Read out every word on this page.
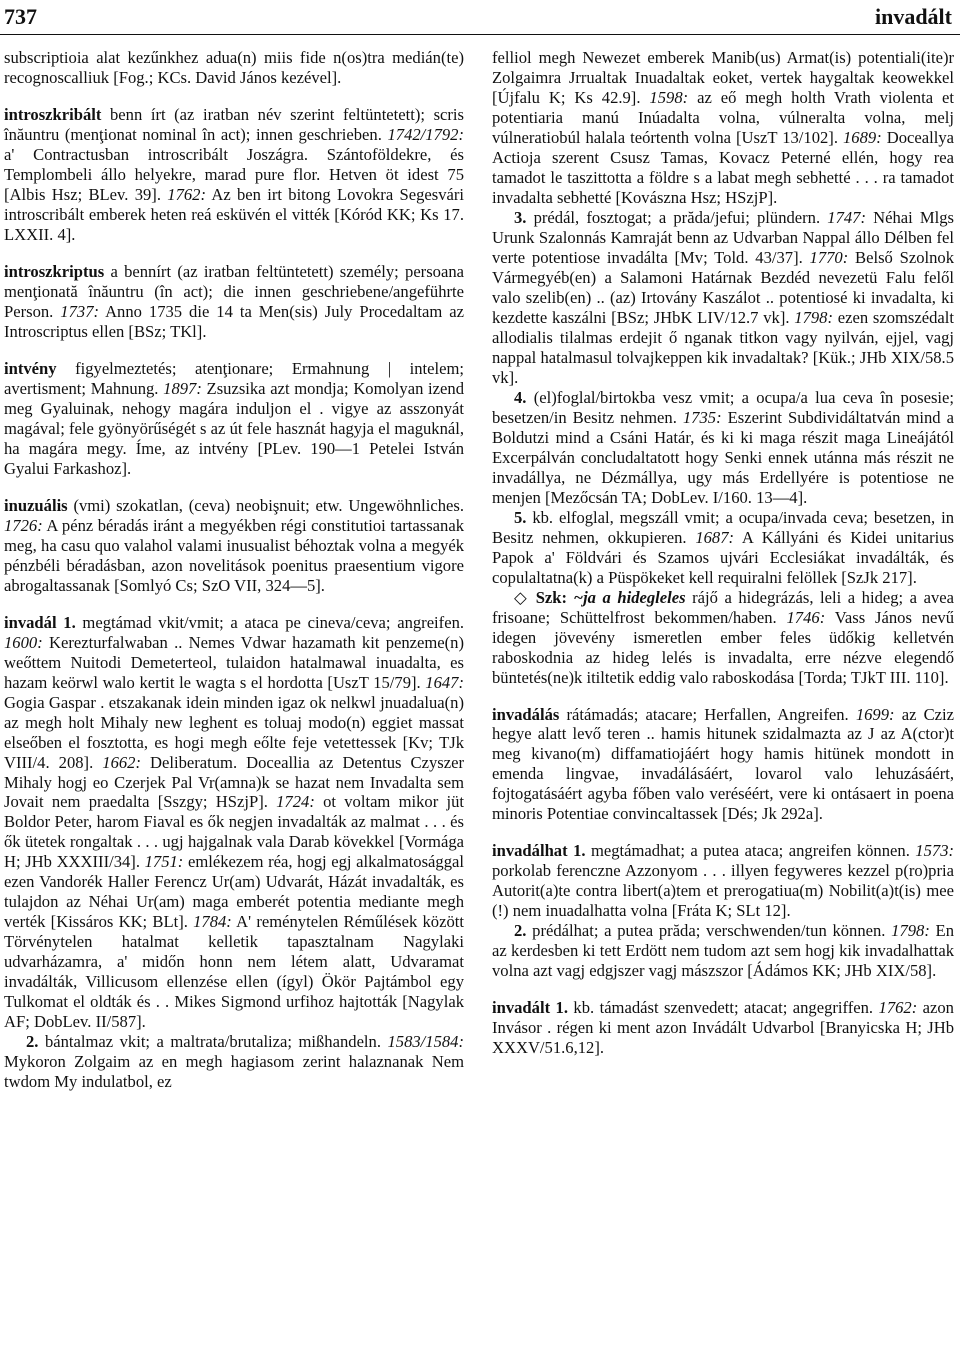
737	invadált

subscriptioia alat kezűnkhez adua(n) miis fide n(os)tra medián(te) recognoscalliuk [Fog.; KCs. David János kezével].

introszkribált benn írt (az iratban név szerint feltüntetett); scris înăuntru (menţionat nominal în act); innen geschrieben. 1742/1792: a' Contractusban introscribált Joszágra. Szántoföldekre, és Templombeli állo helyekre, marad pure flor. Hetven öt idest 75 [Albis Hsz; BLev. 39]. 1762: Az ben irt bitong Lovokra Segesvári introscribált emberek heten reá esküvén el vitték [Kóród KK; Ks 17. LXXII. 4].
introszkriptus a bennírt (az iratban feltüntetett) személy; persoana menţionată înăuntru (în act); die innen geschriebene/angeführte Person. 1737: Anno 1735 die 14 ta Men(sis) July Procedaltam az Introscriptus ellen [BSz; TKl].
intvény figyelmeztetés; atenţionare; Ermahnung | intelem; avertisment; Mahnung. 1897: Zsuzsika azt mondja; Komolyan izend meg Gyaluinak, nehogy magára induljon el . vigye az asszonyát magával; fele gyönyörűségét s az út fele hasznát hagyja el maguknál, ha magára megy. Íme, az intvény [PLev. 190—1 Petelei István Gyalui Farkashoz].
inuzuális (vmi) szokatlan, (ceva) neobişnuit; etw. Ungewöhnliches. 1726: A pénz béradás iránt a megyékben régi constitutioi tartassanak meg, ha casu quo valahol valami inusualist béhoztak volna a megyék pénzbéli béradásban, azon novelitások poenitus praesentium vigore abrogaltassanak [Somlyó Cs; SzO VII, 324—5].
invadál 1. megtámad vkit/vmit; a ataca pe cineva/ceva; angreifen. 1600: Kerezturfalwaban .. Nemes Vdwar hazamath kit penzeme(n) weőttem Nuitodi Demeterteol, tulaidon hatalmawal inuadalta, es hazam keörwl walo kertit le wagta s el hordotta [UszT 15/79]. 1647: Gogia Gaspar . etszakanak idein minden igaz ok nelkwl jnuadalua(n) az megh holt Mihaly new leghent es toluaj modo(n) eggiet massat elseőben el fosztotta, es hogi megh eőlte feje vetettessek [Kv; TJk VIII/4. 208]. 1662: Deliberatum. Doceallia az Detentus Czyszer Mihaly hogj eo Czerjek Pal Vr(amna)k se hazat nem Invadalta sem Jovait nem praedalta [Sszgy; HSzjP]. 1724: ot voltam mikor jüt Boldor Peter, harom Fiaval es ők negjen invadalták az malmat . . . és ők ütetek rongaltak . . . ugj hajgalnak vala Darab kövekkel [Vormága H; JHb XXXIII/34]. 1751: emlékezem réa, hogj egj alkalmatosággal ezen Vandorék Haller Ferencz Ur(am) Udvarát, Házát invadalták, es tulajdon az Néhai Ur(am) maga emberét potentia mediante megh verték [Kissáros KK; BLt]. 1784: A' reménytelen Réműlések között Törvénytelen hatalmat kelletik tapasztalnam Nagylaki udvarházamra, a' midőn honn nem létem alatt, Udvaramat invadálták, Villicusom ellenzése ellen (ígyl) Ökör Pajtámbol egy Tulkomat el oldták és . . Mikes Sigmond urfihoz hajtották [Nagylak AF; DobLev. II/587].
2. bántalmaz vkit; a maltrata/brutaliza; mißhandeln. 1583/1584: Mykoron Zolgaim az en megh hagiasom zerint halaznanak Nem twdom My indulatbol, ez
felliol megh Newezet emberek Manib(us) Armat(is) potentiali(ite)r Zolgaimra Jrrualtak Inuadaltak eoket, vertek haygaltak keowekkel [Újfalu K; Ks 42.9]. 1598: az eő megh holth Vrath violenta et potentiaria manú Inúadalta volna, vúlneralta volna, melj vúlneratiobúl halala teórtenth volna [UszT 13/102]. 1689: Doceallya Actioja szerent Csusz Tamas, Kovacz Peterné ellén, hogy rea tamadot le taszittotta a földre s a labat megh sebhetté . . . ra tamadot invadalta sebhetté [Kovászna Hsz; HSzjP].
3. prédál, fosztogat; a prăda/jefui; plündern. 1747: Néhai Mlgs Urunk Szalonnás Kamraját benn az Udvarban Nappal állo Délben fel verte potentiose invadálta [Mv; Told. 43/37]. 1770: Belső Szolnok Vármegyéb(en) a Salamoni Határnak Bezdéd nevezetü Falu felől valo szelib(en) .. (az) Irtovány Kaszálot .. potentiosé ki invadalta, ki kezdette kaszálni [BSz; JHbK LIV/12.7 vk]. 1798: ezen szomszédalt allodialis tilalmas erdejit ő nganak titkon vagy nyilván, ejjel, vagj nappal hatalmasul tolvajkeppen kik invadaltak? [Kük.; JHb XIX/58.5 vk].
4. (el)foglal/birtokba vesz vmit; a ocupa/a lua ceva în posesie; besetzen/in Besitz nehmen. 1735: Eszerint Subdividáltatván mind a Boldutzi mind a Csáni Határ, és ki ki maga részit maga Lineájától Excerpálván concludaltatott hogy Senki ennek utánna más részit ne invadállya, ne Dézmállya, ugy más Erdellyére is potentiose ne menjen [Mezőcsán TA; DobLev. I/160. 13—4].
5. kb. elfoglal, megszáll vmit; a ocupa/invada ceva; besetzen, in Besitz nehmen, okkupieren. 1687: A Kállyáni és Kidei unitarius Papok a' Földvári és Szamos ujvári Ecclesiákat invadálták, és copulaltatna(k) a Püspökeket kell requiralni felöllek [SzJk 217].
◇ Szk: ~ja a hidegleles rájő a hidegrázás, leli a hideg; a avea frisoane; Schüttelfrost bekommen/haben. 1746: Vass János nevű idegen jövevény ismeretlen ember feles üdőkig kelletvén raboskodnia az hideg lelés is invadalta, erre nézve elegendő büntetés(ne)k itiltetik eddig valo raboskodása [Torda; TJkT III. 110].
invadálás rátámadás; atacare; Herfallen, Angreifen. 1699: az Cziz hegye alatt levő teren .. hamis hitunek szidalmazta az J az A(ctor)t meg kivano(m) diffamatiojáért hogy hamis hitünek mondott in emenda lingvae, invadálásáért, lovarol valo lehuzásáért, fojtogatásáért agyba főben valo veréséért, vere ki ontásaert in poena minoris Potentiae convincaltassek [Dés; Jk 292a].
invadálhat 1. megtámadhat; a putea ataca; angreifen können. 1573: porkolab ferenczne Azzonyom . . . illyen fegyweres kezzel p(ro)pria Autorit(a)te contra libert(a)tem et prerogatiua(m) Nobilit(a)t(is) mee (!) nem inuadalhatta volna [Fráta K; SLt 12].
2. prédálhat; a putea prăda; verschwenden/tun können. 1798: En az kerdesben ki tett Erdött nem tudom azt sem hogj kik invadalhattak volna azt vagj edgjszer vagj mászszor [Ádámos KK; JHb XIX/58].
invadált 1. kb. támadást szenvedett; atacat; angegriffen. 1762: azon Invásor . régen ki ment azon Invádált Udvarbol [Branyicska H; JHb XXXV/51.6,12].
